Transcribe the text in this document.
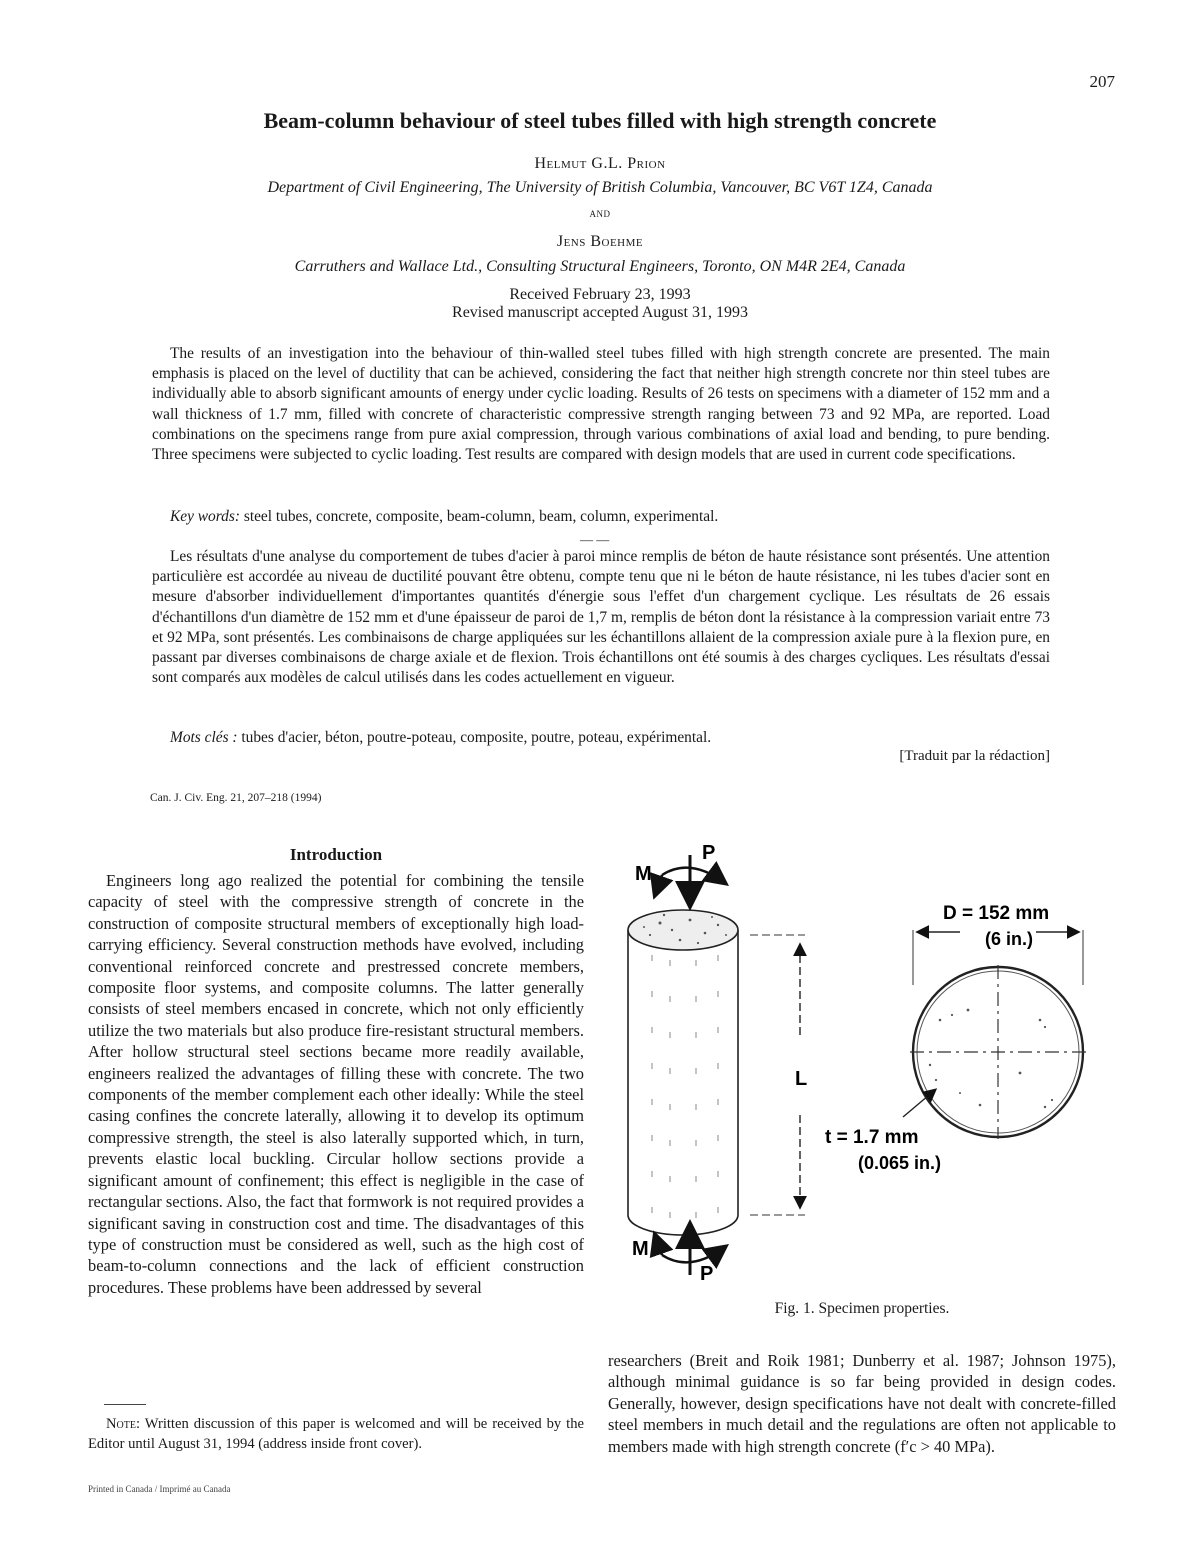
207
Beam-column behaviour of steel tubes filled with high strength concrete
Helmut G.L. Prion
Department of Civil Engineering, The University of British Columbia, Vancouver, BC V6T 1Z4, Canada
and
Jens Boehme
Carruthers and Wallace Ltd., Consulting Structural Engineers, Toronto, ON M4R 2E4, Canada
Received February 23, 1993
Revised manuscript accepted August 31, 1993

The results of an investigation into the behaviour of thin-walled steel tubes filled with high strength concrete are presented. The main emphasis is placed on the level of ductility that can be achieved, considering the fact that neither high strength concrete nor thin steel tubes are individually able to absorb significant amounts of energy under cyclic loading. Results of 26 tests on specimens with a diameter of 152 mm and a wall thickness of 1.7 mm, filled with concrete of characteristic compressive strength ranging between 73 and 92 MPa, are reported. Load combinations on the specimens range from pure axial compression, through various combinations of axial load and bending, to pure bending. Three specimens were subjected to cyclic loading. Test results are compared with design models that are used in current code specifications.

Key words: steel tubes, concrete, composite, beam-column, beam, column, experimental.
— —

Les résultats d'une analyse du comportement de tubes d'acier à paroi mince remplis de béton de haute résistance sont présentés. Une attention particulière est accordée au niveau de ductilité pouvant être obtenu, compte tenu que ni le béton de haute résistance, ni les tubes d'acier sont en mesure d'absorber individuellement d'importantes quantités d'énergie sous l'effet d'un chargement cyclique. Les résultats de 26 essais d'échantillons d'un diamètre de 152 mm et d'une épaisseur de paroi de 1,7 m, remplis de béton dont la résistance à la compression variait entre 73 et 92 MPa, sont présentés. Les combinaisons de charge appliquées sur les échantillons allaient de la compression axiale pure à la flexion pure, en passant par diverses combinaisons de charge axiale et de flexion. Trois échantillons ont été soumis à des charges cycliques. Les résultats d'essai sont comparés aux modèles de calcul utilisés dans les codes actuellement en vigueur.

Mots clés : tubes d'acier, béton, poutre-poteau, composite, poutre, poteau, expérimental.
[Traduit par la rédaction]
Can. J. Civ. Eng. 21, 207–218 (1994)
Introduction

Engineers long ago realized the potential for combining the tensile capacity of steel with the compressive strength of concrete in the construction of composite structural members of exceptionally high load-carrying efficiency. Several construction methods have evolved, including conventional reinforced concrete and prestressed concrete members, composite floor systems, and composite columns. The latter generally consists of steel members encased in concrete, which not only efficiently utilize the two materials but also produce fire-resistant structural members. After hollow structural steel sections became more readily available, engineers realized the advantages of filling these with concrete. The two components of the member complement each other ideally: While the steel casing confines the concrete laterally, allowing it to develop its optimum compressive strength, the steel is also laterally supported which, in turn, prevents elastic local buckling. Circular hollow sections provide a significant amount of confinement; this effect is negligible in the case of rectangular sections. Also, the fact that formwork is not required provides a significant saving in construction cost and time. The disadvantages of this type of construction must be considered as well, such as the high cost of beam-to-column connections and the lack of efficient construction procedures. These problems have been addressed by several

Note: Written discussion of this paper is welcomed and will be received by the Editor until August 31, 1994 (address inside front cover).
Printed in Canada / Imprimé au Canada
P
M
P
M
L
D = 152 mm
(6 in.)
t = 1.7 mm
(0.065 in.)
Fig. 1. Specimen properties.

researchers (Breit and Roik 1981; Dunberry et al. 1987; Johnson 1975), although minimal guidance is so far being provided in design codes. Generally, however, design specifications have not dealt with concrete-filled steel members in much detail and the regulations are often not applicable to members made with high strength concrete (f′c > 40 MPa).
